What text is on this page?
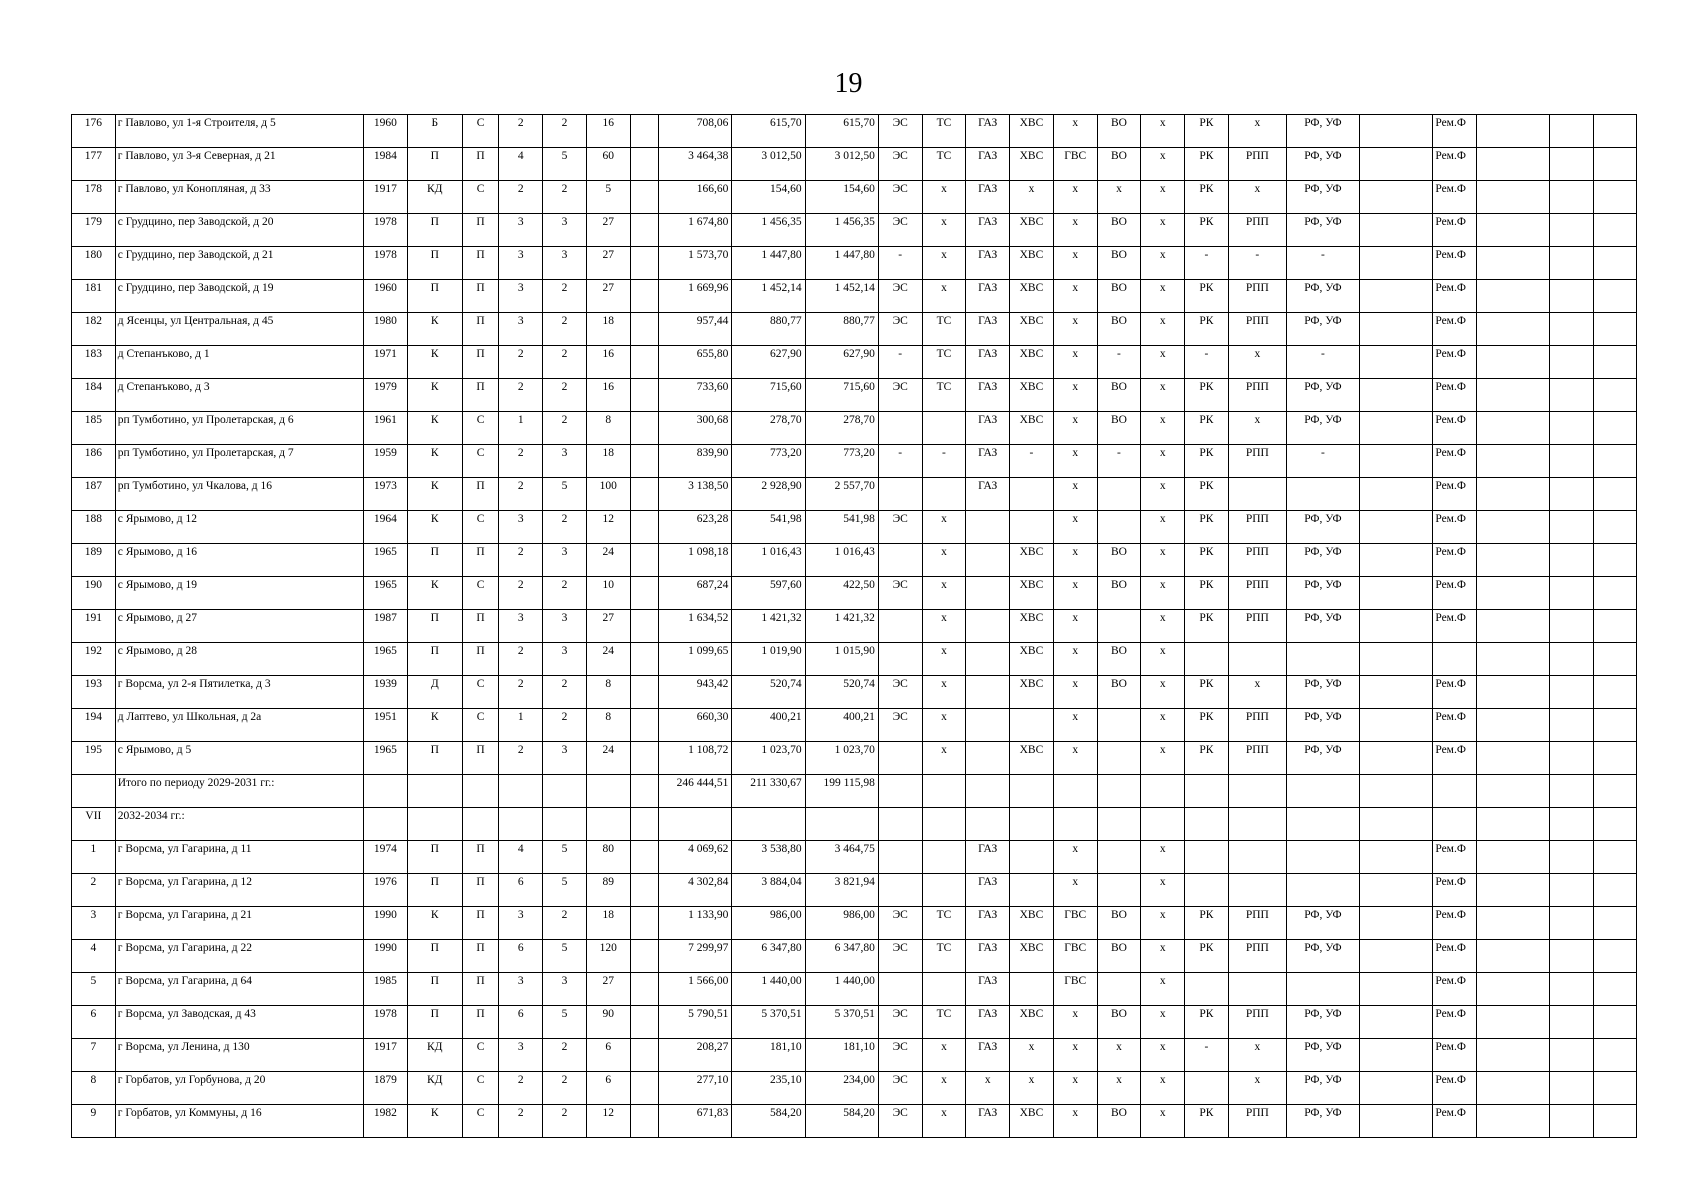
19
176	г Павлово, ул 1-я Строителя, д 5	1960	Б	С	2	2	16		708,06	615,70	615,70	ЭС	ТС	ГАЗ	ХВС	х	ВО	х	РК	х	РФ, УФ		Рем.Ф			
177	г Павлово, ул 3-я Северная, д 21	1984	П	П	4	5	60		3 464,38	3 012,50	3 012,50	ЭС	ТС	ГАЗ	ХВС	ГВС	ВО	х	РК	РПП	РФ, УФ		Рем.Ф			
178	г Павлово, ул Конопляная, д 33	1917	КД	С	2	2	5		166,60	154,60	154,60	ЭС	х	ГАЗ	х	х	х	х	РК	х	РФ, УФ		Рем.Ф			
179	с Грудцино, пер Заводской, д 20	1978	П	П	3	3	27		1 674,80	1 456,35	1 456,35	ЭС	х	ГАЗ	ХВС	х	ВО	х	РК	РПП	РФ, УФ		Рем.Ф			
180	с Грудцино, пер Заводской, д 21	1978	П	П	3	3	27		1 573,70	1 447,80	1 447,80	-	х	ГАЗ	ХВС	х	ВО	х	-	-	-		Рем.Ф			
181	с Грудцино, пер Заводской, д 19	1960	П	П	3	2	27		1 669,96	1 452,14	1 452,14	ЭС	х	ГАЗ	ХВС	х	ВО	х	РК	РПП	РФ, УФ		Рем.Ф			
182	д Ясенцы, ул Центральная, д 45	1980	К	П	3	2	18		957,44	880,77	880,77	ЭС	ТС	ГАЗ	ХВС	х	ВО	х	РК	РПП	РФ, УФ		Рем.Ф			
183	д Степанъково, д 1	1971	К	П	2	2	16		655,80	627,90	627,90	-	ТС	ГАЗ	ХВС	х	-	х	-	х	-		Рем.Ф			
184	д Степанъково, д 3	1979	К	П	2	2	16		733,60	715,60	715,60	ЭС	ТС	ГАЗ	ХВС	х	ВО	х	РК	РПП	РФ, УФ		Рем.Ф			
185	рп Тумботино, ул Пролетарская, д 6	1961	К	С	1	2	8		300,68	278,70	278,70			ГАЗ	ХВС	х	ВО	х	РК	х	РФ, УФ		Рем.Ф			
186	рп Тумботино, ул Пролетарская, д 7	1959	К	С	2	3	18		839,90	773,20	773,20	-	-	ГАЗ	-	х	-	х	РК	РПП	-		Рем.Ф			
187	рп Тумботино, ул Чкалова, д 16	1973	К	П	2	5	100		3 138,50	2 928,90	2 557,70			ГАЗ		х		х	РК				Рем.Ф			
188	с Ярымово, д 12	1964	К	С	3	2	12		623,28	541,98	541,98	ЭС	х			х		х	РК	РПП	РФ, УФ		Рем.Ф			
189	с Ярымово, д 16	1965	П	П	2	3	24		1 098,18	1 016,43	1 016,43		х		ХВС	х	ВО	х	РК	РПП	РФ, УФ		Рем.Ф			
190	с Ярымово, д 19	1965	К	С	2	2	10		687,24	597,60	422,50	ЭС	х		ХВС	х	ВО	х	РК	РПП	РФ, УФ		Рем.Ф			
191	с Ярымово, д 27	1987	П	П	3	3	27		1 634,52	1 421,32	1 421,32		х		ХВС	х		х	РК	РПП	РФ, УФ		Рем.Ф			
192	с Ярымово, д 28	1965	П	П	2	3	24		1 099,65	1 019,90	1 015,90		х		ХВС	х	ВО	х								
193	г Ворсма, ул 2-я Пятилетка, д 3	1939	Д	С	2	2	8		943,42	520,74	520,74	ЭС	х		ХВС	х	ВО	х	РК	х	РФ, УФ		Рем.Ф			
194	д Лаптево, ул Школьная, д 2а	1951	К	С	1	2	8		660,30	400,21	400,21	ЭС	х			х		х	РК	РПП	РФ, УФ		Рем.Ф			
195	с Ярымово, д 5	1965	П	П	2	3	24		1 108,72	1 023,70	1 023,70		х		ХВС	х		х	РК	РПП	РФ, УФ		Рем.Ф			
	Итого по периоду 2029-2031 гг.:								246 444,51	211 330,67	199 115,98															
VII	2032-2034 гг.:																									
1	г Ворсма, ул Гагарина, д 11	1974	П	П	4	5	80		4 069,62	3 538,80	3 464,75			ГАЗ		х		х					Рем.Ф			
2	г Ворсма, ул Гагарина, д 12	1976	П	П	6	5	89		4 302,84	3 884,04	3 821,94			ГАЗ		х		х					Рем.Ф			
3	г Ворсма, ул Гагарина, д 21	1990	К	П	3	2	18		1 133,90	986,00	986,00	ЭС	ТС	ГАЗ	ХВС	ГВС	ВО	х	РК	РПП	РФ, УФ		Рем.Ф			
4	г Ворсма, ул Гагарина, д 22	1990	П	П	6	5	120		7 299,97	6 347,80	6 347,80	ЭС	ТС	ГАЗ	ХВС	ГВС	ВО	х	РК	РПП	РФ, УФ		Рем.Ф			
5	г Ворсма, ул Гагарина, д 64	1985	П	П	3	3	27		1 566,00	1 440,00	1 440,00			ГАЗ		ГВС		х					Рем.Ф			
6	г Ворсма, ул Заводская, д 43	1978	П	П	6	5	90		5 790,51	5 370,51	5 370,51	ЭС	ТС	ГАЗ	ХВС	х	ВО	х	РК	РПП	РФ, УФ		Рем.Ф			
7	г Ворсма, ул Ленина, д 130	1917	КД	С	3	2	6		208,27	181,10	181,10	ЭС	х	ГАЗ	х	х	х	х	-	х	РФ, УФ		Рем.Ф			
8	г Горбатов, ул Горбунова, д 20	1879	КД	С	2	2	6		277,10	235,10	234,00	ЭС	х	х	х	х	х	х		х	РФ, УФ		Рем.Ф			
9	г Горбатов, ул Коммуны, д 16	1982	К	С	2	2	12		671,83	584,20	584,20	ЭС	х	ГАЗ	ХВС	х	ВО	х	РК	РПП	РФ, УФ		Рем.Ф			
